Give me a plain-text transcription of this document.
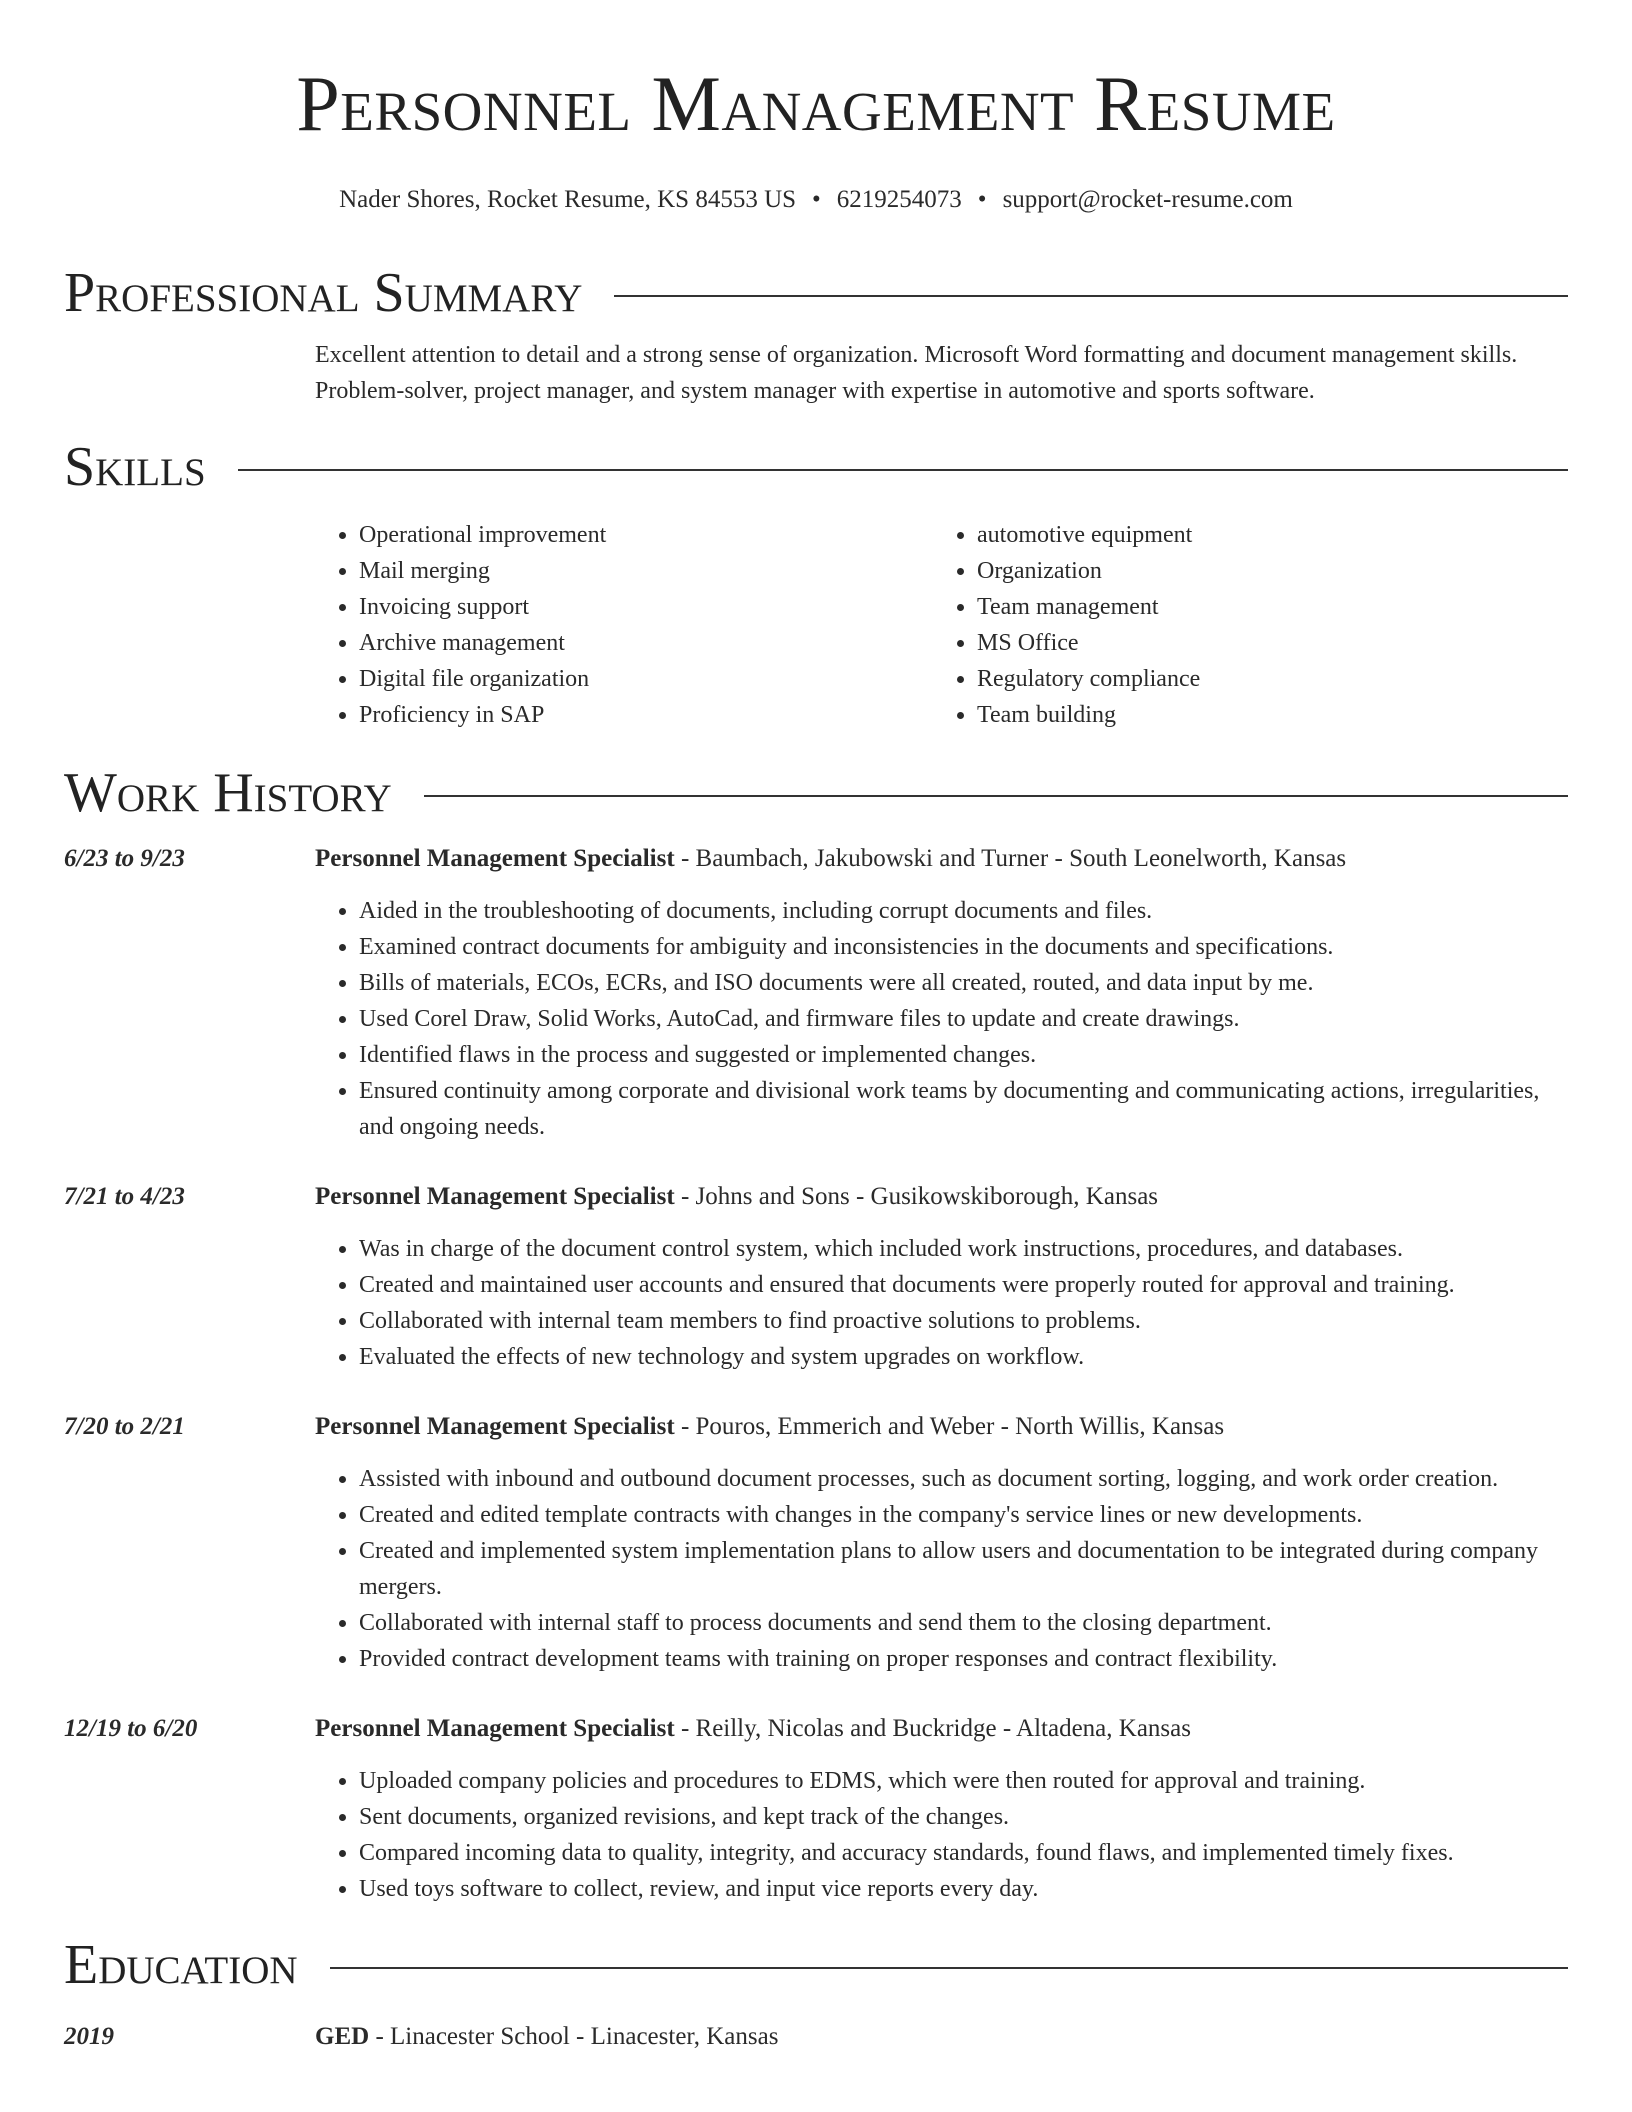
Personnel Management Resume
Nader Shores, Rocket Resume, KS 84553 US • 6219254073 • support@rocket-resume.com
Professional Summary
Excellent attention to detail and a strong sense of organization. Microsoft Word formatting and document management skills. Problem-solver, project manager, and system manager with expertise in automotive and sports software.
Skills
• Operational improvement
• Mail merging
• Invoicing support
• Archive management
• Digital file organization
• Proficiency in SAP
• automotive equipment
• Organization
• Team management
• MS Office
• Regulatory compliance
• Team building
Work History
6/23 to 9/23	Personnel Management Specialist - Baumbach, Jakubowski and Turner - South Leonelworth, Kansas
• Aided in the troubleshooting of documents, including corrupt documents and files.
• Examined contract documents for ambiguity and inconsistencies in the documents and specifications.
• Bills of materials, ECOs, ECRs, and ISO documents were all created, routed, and data input by me.
• Used Corel Draw, Solid Works, AutoCad, and firmware files to update and create drawings.
• Identified flaws in the process and suggested or implemented changes.
• Ensured continuity among corporate and divisional work teams by documenting and communicating actions, irregularities, and ongoing needs.
7/21 to 4/23	Personnel Management Specialist - Johns and Sons - Gusikowskiborough, Kansas
• Was in charge of the document control system, which included work instructions, procedures, and databases.
• Created and maintained user accounts and ensured that documents were properly routed for approval and training.
• Collaborated with internal team members to find proactive solutions to problems.
• Evaluated the effects of new technology and system upgrades on workflow.
7/20 to 2/21	Personnel Management Specialist - Pouros, Emmerich and Weber - North Willis, Kansas
• Assisted with inbound and outbound document processes, such as document sorting, logging, and work order creation.
• Created and edited template contracts with changes in the company's service lines or new developments.
• Created and implemented system implementation plans to allow users and documentation to be integrated during company mergers.
• Collaborated with internal staff to process documents and send them to the closing department.
• Provided contract development teams with training on proper responses and contract flexibility.
12/19 to 6/20	Personnel Management Specialist - Reilly, Nicolas and Buckridge - Altadena, Kansas
• Uploaded company policies and procedures to EDMS, which were then routed for approval and training.
• Sent documents, organized revisions, and kept track of the changes.
• Compared incoming data to quality, integrity, and accuracy standards, found flaws, and implemented timely fixes.
• Used toys software to collect, review, and input vice reports every day.
Education
2019	GED - Linacester School - Linacester, Kansas
